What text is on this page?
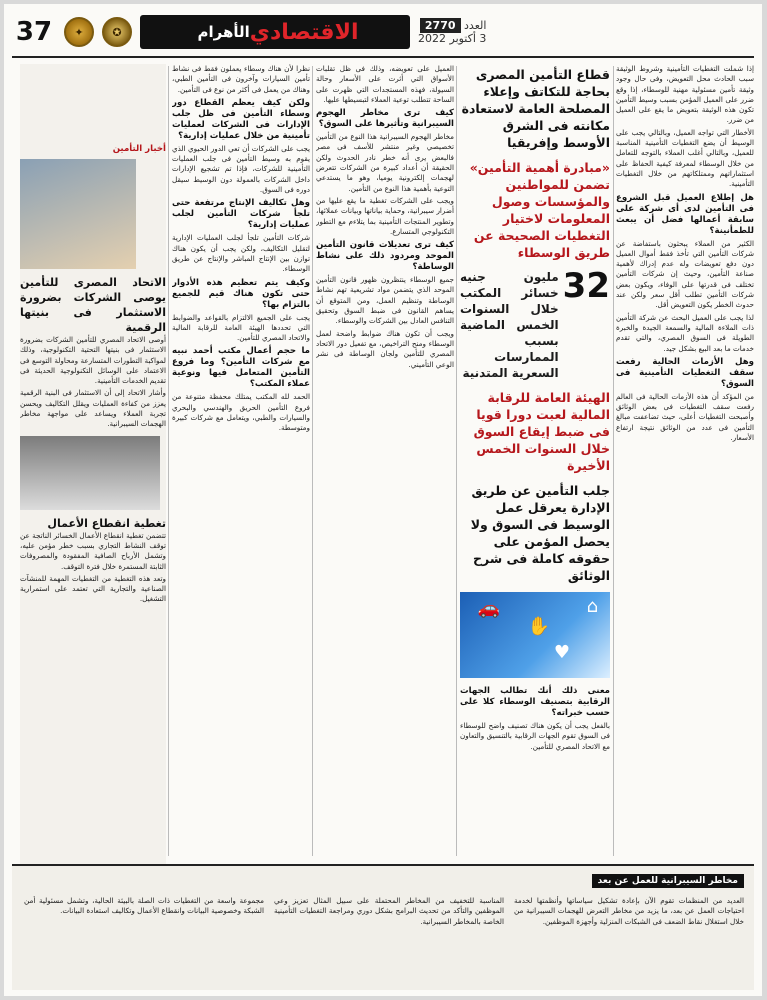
37	✦	✪	الاقتصادي
الأهرام	العدد 2770
3 أكتوبر 2022

إذا شملت التغطيات التأمينية وشروط الوثيقة سبب الحادث محل التعويض، وفى حال وجود وثيقة تأمين مسئولية مهنية للوسطاء، إذا وقع ضرر على العميل المؤمن بسبب وسيط التأمين تكون هذه الوثيقة بتعويض ما يقع على العميل من ضرر.

الأخطار التي تواجه العميل، وبالتالي يجب على الوسيط أن يضع التغطيات التأمينية المناسبة للعميل، وبالتالي أغلب العملاء بالتوجه للتعامل من خلال الوسطاء لمعرفة كيفية الحفاظ على استثماراتهم وممتلكاتهم من خلال التغطيات التأمينية.

هل إطلاع العميل قبل الشروع فى التأمين لدى أى شركة على سابقة أعمالها فضل أن يبعث للطمأنينة؟

الكثير من العملاء يبحثون باستفاضة عن شركات التأمين التي تأخذ فقط أموال العميل دون دفع تعويضات وله عدم إدراك لأهمية صناعة التأمين، وحيث إن شركات التأمين تختلف فى قدرتها على الوفاء، ويكون بعض شركات التأمين تطلب أقل سعر ولكن عند حدوث الخطر يكون التعويض أقل.

لذا يجب على العميل البحث عن شركة التأمين ذات الملاءة المالية والسمعة الجيدة والخبرة الطويلة فى السوق المصري، والتي تقدم خدمات ما بعد البيع بشكل جيد.

وهل الأزمات الحالية رفعت سقف التغطيات التأمينية فى السوق؟

من المؤكد أن هذه الأزمات الحالية فى العالم رفعت سقف التغطيات فى بعض الوثائق وأصبحت التغطيات أعلى، حيث تضاعفت مبالغ التأمين فى عدد من الوثائق نتيجة ارتفاع الأسعار.

قطاع التأمين المصرى بحاجة للتكاتف وإعلاء المصلحة العامة لاستعادة مكانته فى الشرق الأوسط وإفريقيا
«مبادرة أهمية التأمين» تضمن للمواطنين والمؤسسات وصول المعلومات لاختيار التغطيات الصحيحة عن طريق الوسطاء
32
مليون جنيه خسائر المكتب خلال السنوات الخمس الماضية بسبب الممارسات السعرية المتدنية
الهيئة العامة للرقابة المالية لعبت دورا قويا فى ضبط إيقاع السوق خلال السنوات الخمس الأخيرة
جلب التأمين عن طريق الإدارة يعرقل عمل الوسيط فى السوق ولا يحصل المؤمن على حقوقه كاملة فى شرح الوثائق
⌂
✋
🚗
♥
معنى ذلك أنك تطالب الجهات الرقابية بتصنيف الوسطاء كلا على حسب خبراته؟

بالفعل يجب أن يكون هناك تصنيف واضح للوسطاء فى السوق تقوم الجهات الرقابية بالتنسيق والتعاون مع الاتحاد المصري للتأمين.

العميل على تعويضه، وذلك فى ظل تقلبات الأسواق التي أثرت على الأسعار وحالة السيولة، فهذه المستجدات التي ظهرت على الساحة تتطلب توعية العملاء لتبسيطها عليها.

كيف ترى مخاطر الهجوم السيبرانية وتأثيرها على السوق؟

مخاطر الهجوم السيبرانية هذا النوع من التأمين تخصيصي وغير منتشر للأسف فى مصر فالبعض يرى أنه خطر نادر الحدوث ولكن الحقيقة أن أعداد كبيرة من الشركات تتعرض لهجمات إلكترونية يوميا، وهو ما يستدعي التوعية بأهمية هذا النوع من التأمين.

ويجب على الشركات تغطية ما يقع عليها من أضرار سيبرانية، وحماية بياناتها وبيانات عملائها، وتطوير المنتجات التأمينية بما يتلاءم مع التطور التكنولوجي المتسارع.

كيف ترى تعديلات قانون التأمين الموحد ومردود ذلك على نشاط الوساطة؟

جميع الوسطاء ينتظرون ظهور قانون التأمين الموحد الذي يتضمن مواد تشريعية تهم نشاط الوساطة وتنظيم العمل، ومن المتوقع أن يساهم القانون فى ضبط السوق وتحقيق التنافس العادل بين الشركات والوسطاء.

ويجب أن تكون هناك ضوابط واضحة لعمل الوسطاء ومنح التراخيص، مع تفعيل دور الاتحاد المصري للتأمين ولجان الوساطة فى نشر الوعي التأميني.

نظرا لأن هناك وسطاء يعملون فقط فى نشاط تأمين السيارات وآخرون فى التأمين الطبي، وهناك من يعمل فى أكثر من نوع فى التأمين.

ولكن كيف يعظم القطاع دور وسطاء التأمين فى ظل جلب الإدارات فى الشركات لعمليات تأمينية من خلال عمليات إدارية؟

يجب على الشركات أن تعي الدور الحيوي الذي يقوم به وسيط التأمين فى جلب العمليات التأمينية للشركات، فإذا تم تشجيع الإدارات داخل الشركات بالعمولة دون الوسيط سيقل دوره فى السوق.

وهل تكاليف الإنتاج مرتفعة حتى تلجأ شركات التأمين لجلب عمليات إدارية؟

شركات التأمين تلجأ لجلب العمليات الإدارية لتقليل التكاليف، ولكن يجب أن يكون هناك توازن بين الإنتاج المباشر والإنتاج عن طريق الوسطاء.

وكيف يتم تعظيم هذه الأدوار حتى تكون هناك قيم للجميع بالتزام بها؟

يجب على الجميع الالتزام بالقواعد والضوابط التي تحددها الهيئة العامة للرقابة المالية والاتحاد المصري للتأمين.

ما حجم أعمال مكتب أحمد نبيه مع شركات التأمين؟ وما فروع التأمين المتعامل فيها ونوعية عملاء المكتب؟

الحمد لله المكتب يمتلك محفظة متنوعة من فروع التأمين الحريق والهندسي والبحري والسيارات والطبي، ويتعامل مع شركات كبيرة ومتوسطة.

أخبار التأمين
الاتحاد المصرى للتأمين يوصى الشركات بضرورة الاستثمار فى بنيتها الرقمية

أوصى الاتحاد المصري للتأمين الشركات بضرورة الاستثمار فى بنيتها التحتية التكنولوجية، وذلك لمواكبة التطورات المتسارعة ومحاولة التوسع فى الاعتماد على الوسائل التكنولوجية الحديثة فى تقديم الخدمات التأمينية.

وأشار الاتحاد إلى أن الاستثمار فى البنية الرقمية يعزز من كفاءة العمليات ويقلل التكاليف ويحسن تجربة العملاء ويساعد على مواجهة مخاطر الهجمات السيبرانية.

تغطية انقطاع الأعمال

تتضمن تغطية انقطاع الأعمال الخسائر الناتجة عن توقف النشاط التجاري بسبب خطر مؤمن عليه، وتشمل الأرباح الصافية المفقودة والمصروفات الثابتة المستمرة خلال فترة التوقف.

وتعد هذه التغطية من التغطيات المهمة للمنشآت الصناعية والتجارية التي تعتمد على استمرارية التشغيل.

مخاطر السيبرانية للعمل عن بعد
العديد من المنظمات تقوم الآن بإعادة تشكيل سياساتها وأنظمتها لخدمة احتياجات العمل عن بعد، ما يزيد من مخاطر التعرض للهجمات السيبرانية من خلال استغلال نقاط الضعف فى الشبكات المنزلية وأجهزة الموظفين.
المناسبة للتخفيف من المخاطر المحتملة على سبيل المثال تعزيز وعي الموظفين والتأكد من تحديث البرامج بشكل دوري ومراجعة التغطيات التأمينية الخاصة بالمخاطر السيبرانية.
مجموعة واسعة من التغطيات ذات الصلة بالبيئة الحالية، وتشمل مسئولية أمن الشبكة وخصوصية البيانات وانقطاع الأعمال وتكاليف استعادة البيانات.
